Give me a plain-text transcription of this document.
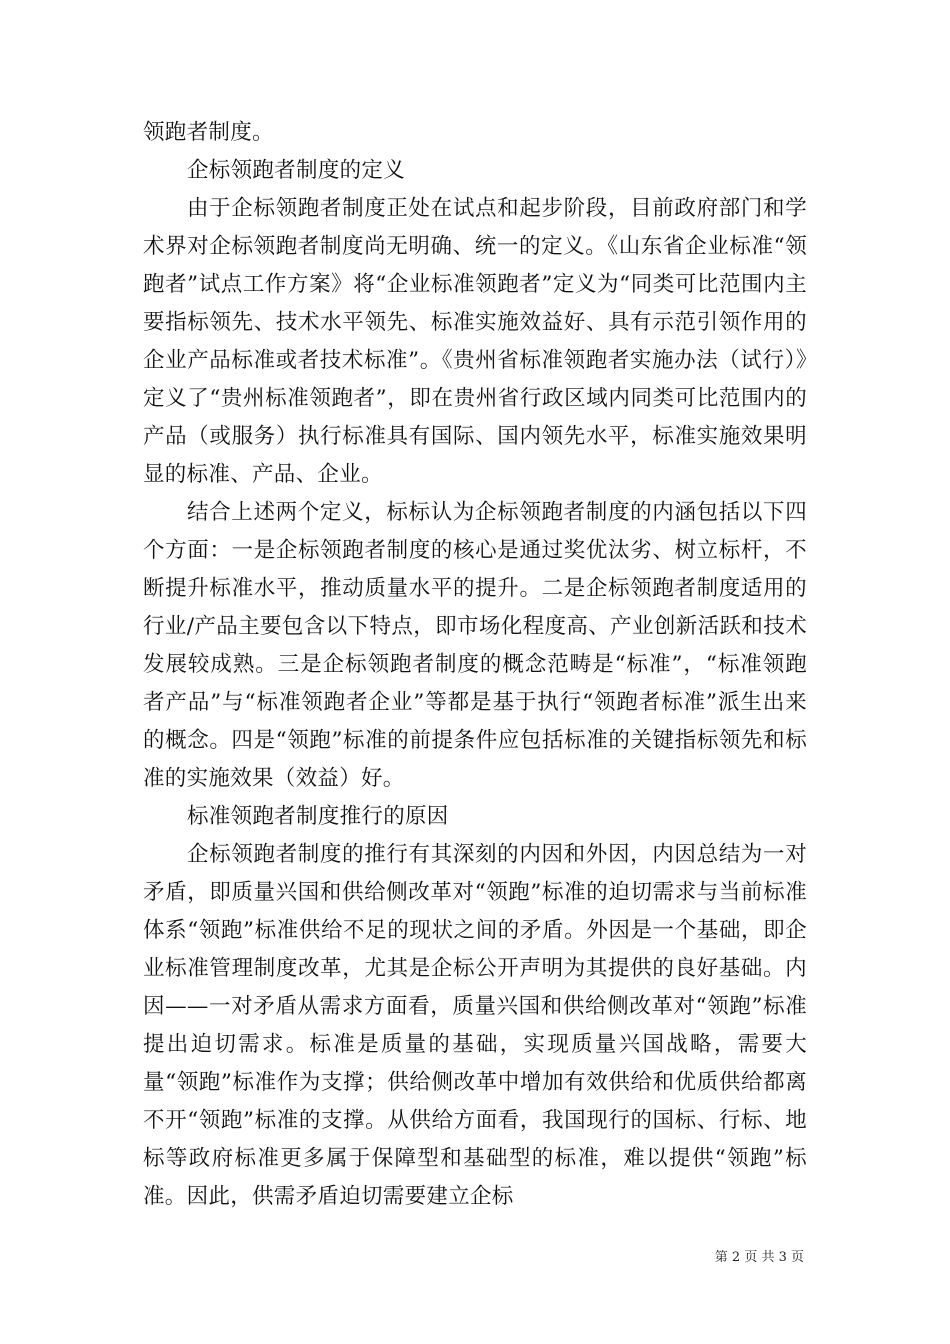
领跑者制度。

企标领跑者制度的定义

由于企标领跑者制度正处在试点和起步阶段，目前政府部门和学术界对企标领跑者制度尚无明确、统一的定义。《山东省企业标准“领跑者”试点工作方案》将“企业标准领跑者”定义为“同类可比范围内主要指标领先、技术水平领先、标准实施效益好、具有示范引领作用的企业产品标准或者技术标准”。《贵州省标准领跑者实施办法（试行）》定义了“贵州标准领跑者”，即在贵州省行政区域内同类可比范围内的产品（或服务）执行标准具有国际、国内领先水平，标准实施效果明显的标准、产品、企业。

结合上述两个定义，标标认为企标领跑者制度的内涵包括以下四个方面：一是企标领跑者制度的核心是通过奖优汰劣、树立标杆，不断提升标准水平，推动质量水平的提升。二是企标领跑者制度适用的行业/产品主要包含以下特点，即市场化程度高、产业创新活跃和技术发展较成熟。三是企标领跑者制度的概念范畴是“标准”，“标准领跑者产品”与“标准领跑者企业”等都是基于执行“领跑者标准”派生出来的概念。四是“领跑”标准的前提条件应包括标准的关键指标领先和标准的实施效果（效益）好。

标准领跑者制度推行的原因

企标领跑者制度的推行有其深刻的内因和外因，内因总结为一对矛盾，即质量兴国和供给侧改革对“领跑”标准的迫切需求与当前标准体系“领跑”标准供给不足的现状之间的矛盾。外因是一个基础，即企业标准管理制度改革，尤其是企标公开声明为其提供的良好基础。内因——一对矛盾从需求方面看，质量兴国和供给侧改革对“领跑”标准提出迫切需求。标准是质量的基础，实现质量兴国战略，需要大量“领跑”标准作为支撑；供给侧改革中增加有效供给和优质供给都离不开“领跑”标准的支撑。从供给方面看，我国现行的国标、行标、地标等政府标准更多属于保障型和基础型的标准，难以提供“领跑”标准。因此，供需矛盾迫切需要建立企标

第 2 页 共 3 页
